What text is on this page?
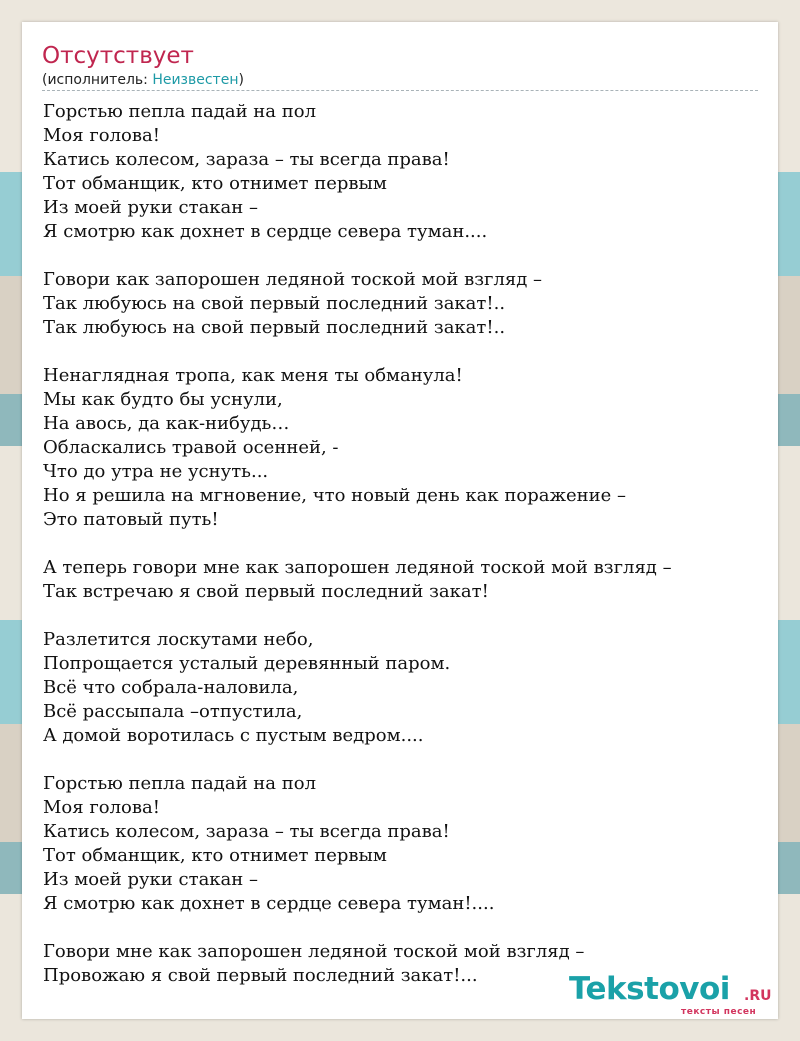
Отсутствует
(исполнитель: Неизвестен)
Горстью пепла падай на пол
Моя голова!
Катись колесом, зараза – ты всегда права!
Тот обманщик, кто отнимет первым
Из моей руки стакан –
Я смотрю как дохнет в сердце севера туман....
Говори как запорошен ледяной тоской мой взгляд –
Так любуюсь на свой первый последний закат!..
Так любуюсь на свой первый последний закат!..
Ненаглядная тропа, как меня ты обманула!
Мы как будто бы уснули,
На авось, да как-нибудь…
Обласкались травой осенней, -
Что до утра не уснуть...
Но я решила на мгновение, что новый день как поражение –
Это патовый путь!
А теперь говори мне как запорошен ледяной тоской мой взгляд –
Так встречаю я свой первый последний закат!
Разлетится лоскутами небо,
Попрощается усталый деревянный паром.
Всё что собрала-наловила,
Всё рассыпала –отпустила,
А домой воротилась с пустым ведром....
Горстью пепла падай на пол
Моя голова!
Катись колесом, зараза – ты всегда права!
Тот обманщик, кто отнимет первым
Из моей руки стакан –
Я смотрю как дохнет в сердце севера туман!....
Говори мне как запорошен ледяной тоской мой взгляд –
Провожаю я свой первый последний закат!...	Tekstovoi .RU
тексты песен
